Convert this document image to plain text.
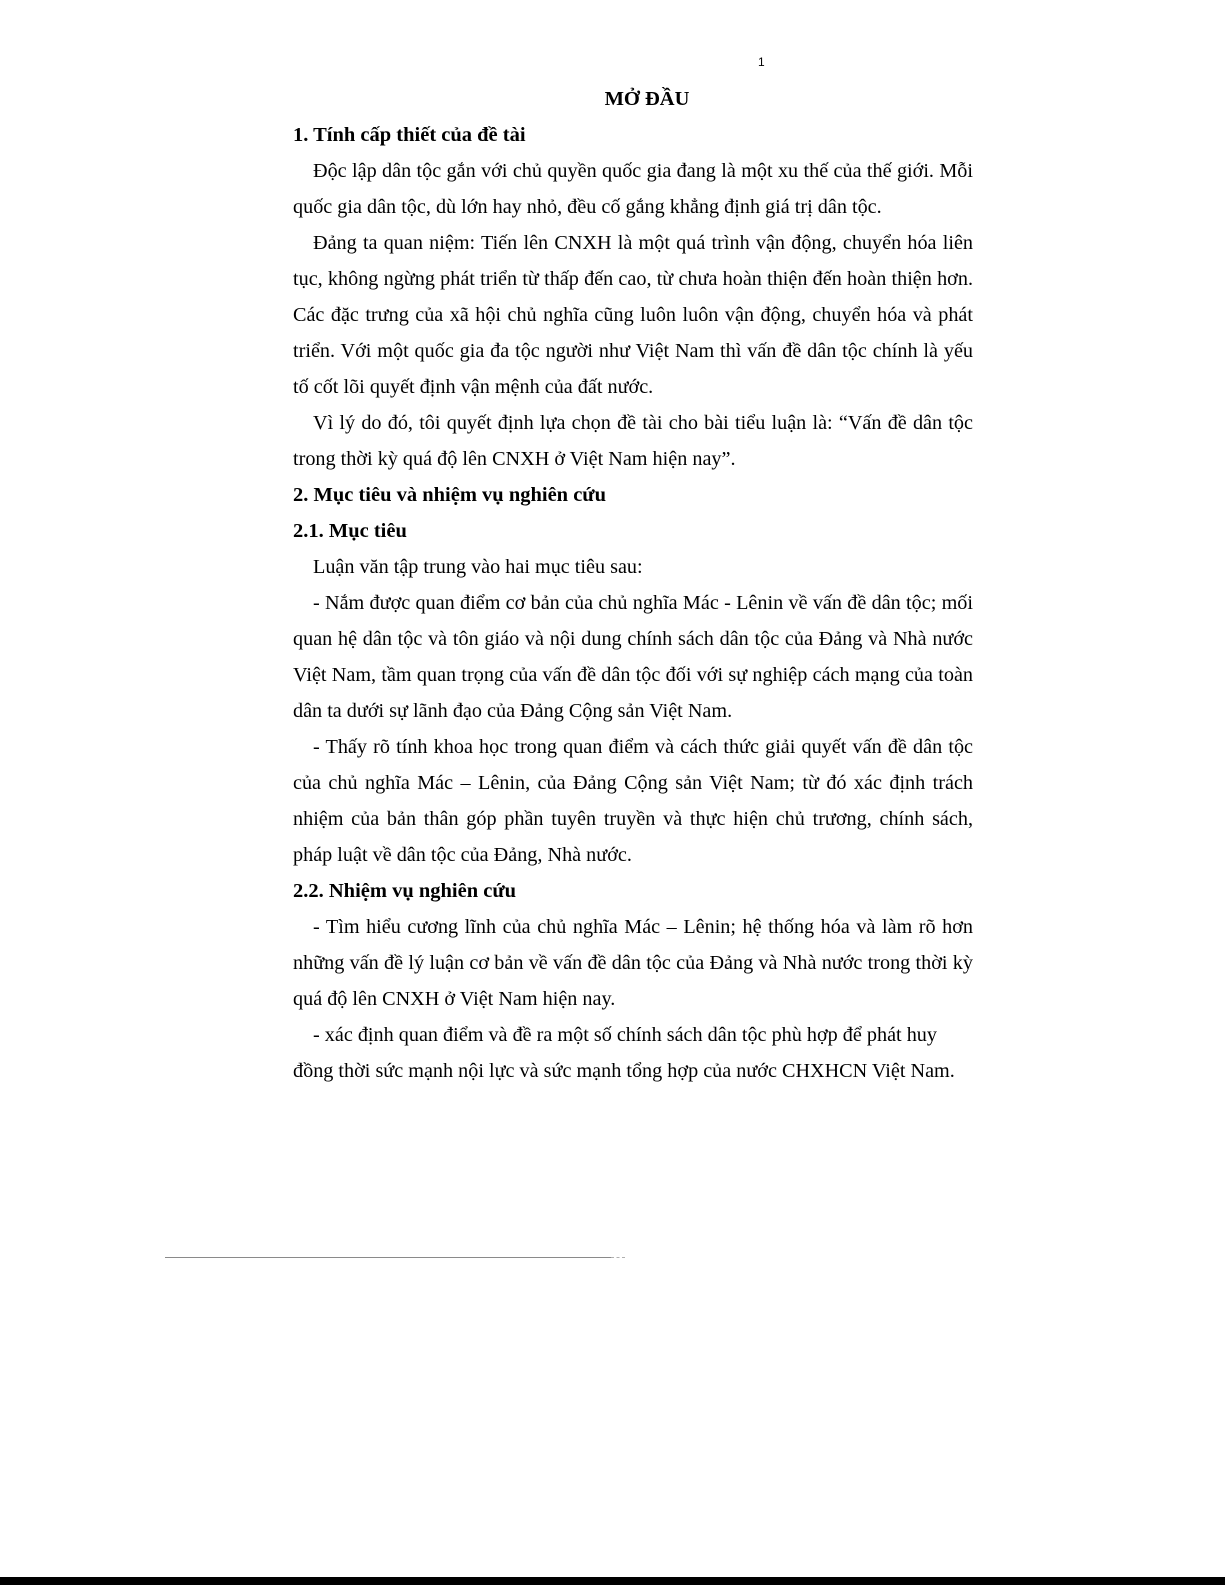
1
MỞ ĐẦU
1. Tính cấp thiết của đề tài

Độc lập dân tộc gắn với chủ quyền quốc gia đang là một xu thế của thế giới. Mỗi quốc gia dân tộc, dù lớn hay nhỏ, đều cố gắng khẳng định giá trị dân tộc.

Đảng ta quan niệm: Tiến lên CNXH là một quá trình vận động, chuyển hóa liên tục, không ngừng phát triển từ thấp đến cao, từ chưa hoàn thiện đến hoàn thiện hơn. Các đặc trưng của xã hội chủ nghĩa cũng luôn luôn vận động, chuyển hóa và phát triển. Với một quốc gia đa tộc người như Việt Nam thì vấn đề dân tộc chính là yếu tố cốt lõi quyết định vận mệnh của đất nước.

Vì lý do đó, tôi quyết định lựa chọn đề tài cho bài tiểu luận là: “Vấn đề dân tộc trong thời kỳ quá độ lên CNXH ở Việt Nam hiện nay”.

2. Mục tiêu và nhiệm vụ nghiên cứu
2.1. Mục tiêu

Luận văn tập trung vào hai mục tiêu sau:

- Nắm được quan điểm cơ bản của chủ nghĩa Mác - Lênin về vấn đề dân tộc; mối quan hệ dân tộc và tôn giáo và nội dung chính sách dân tộc của Đảng và Nhà nước Việt Nam, tầm quan trọng của vấn đề dân tộc đối với sự nghiệp cách mạng của toàn dân ta dưới sự lãnh đạo của Đảng Cộng sản Việt Nam.

- Thấy rõ tính khoa học trong quan điểm và cách thức giải quyết vấn đề dân tộc của chủ nghĩa Mác – Lênin, của Đảng Cộng sản Việt Nam; từ đó xác định trách nhiệm của bản thân góp phần tuyên truyền và thực hiện chủ trương, chính sách, pháp luật về dân tộc của Đảng, Nhà nước.

2.2. Nhiệm vụ nghiên cứu

- Tìm hiểu cương lĩnh của chủ nghĩa Mác – Lênin; hệ thống hóa và làm rõ hơn những vấn đề lý luận cơ bản về vấn đề dân tộc của Đảng và Nhà nước trong thời kỳ quá độ lên CNXH ở Việt Nam hiện nay.

- xác định quan điểm và đề ra một số chính sách dân tộc phù hợp để phát huy đồng thời sức mạnh nội lực và sức mạnh tổng hợp của nước CHXHCN Việt Nam.
